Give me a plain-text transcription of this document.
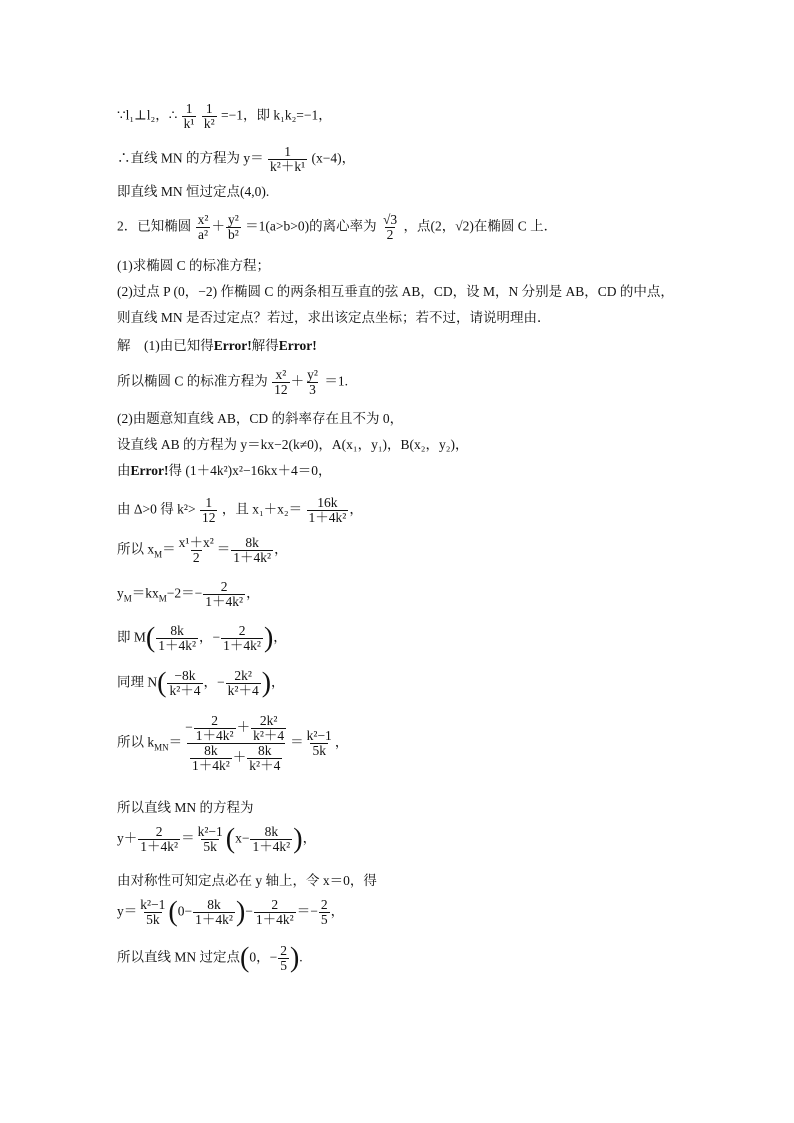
∵l₁⊥l₂，∴ $\frac{1}{\text{k¹}}$
$\frac{1}{\text{k²}} =-1$，即 k₁k₂=−1，
∴直线 MN 的方程为 $y= \frac{1}{\text{k²＋k¹}} (x-4)$，
即直线 MN 恒过定点(4,0).
2．已知椭圆 $\frac{\text{x²}}{\text{a²}} + \frac{\text{y²}}{\text{b²}} =1(a>b>0)$的离心率为 $\frac{√3}{2}$ ，点(2，√2)在椭圆 C 上．
(1)求椭圆 C 的标准方程；
(2)过点 P (0，−2) 作椭圆 C 的两条相互垂直的弦 AB，CD，设 M，N 分别是 AB，CD 的中点，
则直线 MN 是否过定点？若过，求出该定点坐标；若不过，请说明理由．
解　(1)由已知得Error!解得Error!
所以椭圆 C 的标准方程为 $\frac{\text{x²}}{12} + \frac{\text{y²}}{3} =1$.
(2)由题意知直线 AB，CD 的斜率存在且不为 0，
设直线 AB 的方程为 y＝kx−2(k≠0)，A(x₁，y₁)，B(x₂，y₂)，
由Error!得 (1＋4k²)x²−16kx＋4＝0，
由 Δ>0 得 $k^2> \frac{1}{12}$ ，且 $x_1+x_2= \frac{16k}{\text{1＋4k²}}$ ，
所以 $x_M= \frac{\text{x¹＋x²}}{2} = \frac{8k}{\text{1＋4k²}}$ ，
$y_M=kx_M-2=- \frac{2}{\text{1＋4k²}}$ ，
即 $M( \frac{8k}{\text{1＋4k²}}$ ，− $\frac{2}{\text{1＋4k²}}$ )，
同理 $N( \frac{-8k}{\text{k²＋4}}$ ，− $\frac{\text{2k²}}{\text{k²＋4}}$ )，
所以 $k_{MN}= \frac{- \frac{2}{\text{1＋4k²}} + \frac{\text{2k²}}{\text{k²＋4}}}{\frac{8k}{\text{1＋4k²}} + \frac{8k}{\text{k²＋4}}} = \frac{\text{k²−1}}{5k}$ ，
所以直线 MN 的方程为
$y+ \frac{2}{\text{1＋4k²}} = \frac{\text{k²−1}}{5k} (x- \frac{8k}{\text{1＋4k²}}$ )，
由对称性可知定点必在 y 轴上，令 x＝0，得
$y= \frac{\text{k²−1}}{5k} (0- \frac{8k}{\text{1＋4k²}}$ )− $\frac{2}{\text{1＋4k²}} =- \frac{2}{5}$ ，
所以直线 MN 过定点(0，− $\frac{2}{5}$ ).
